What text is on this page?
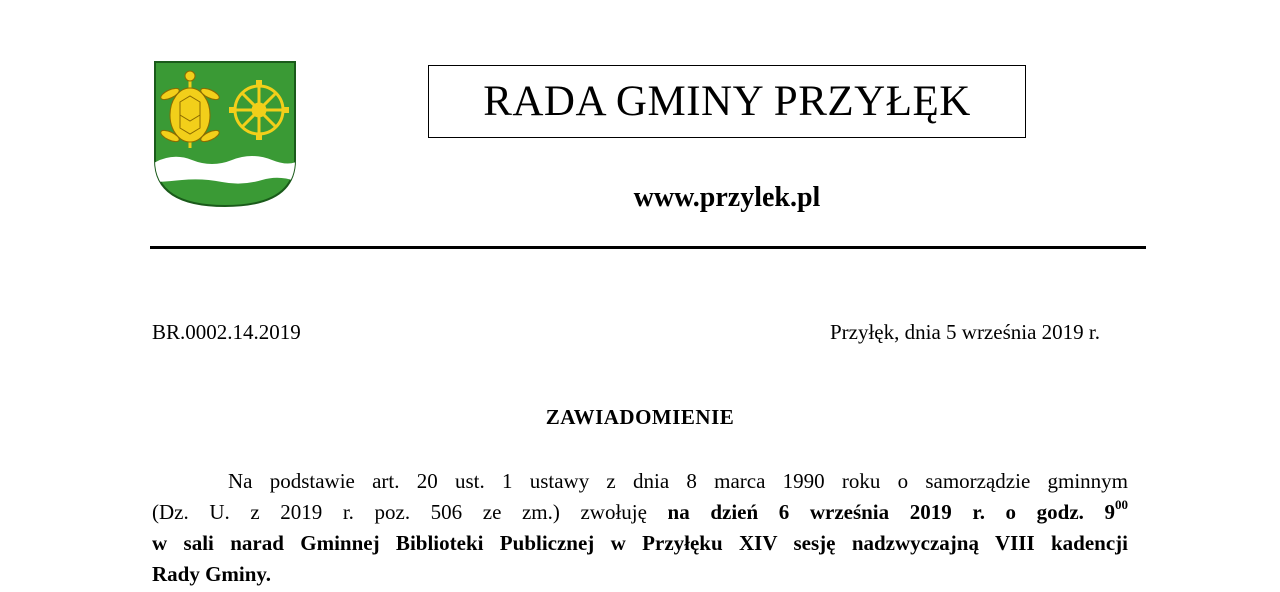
RADA GMINY PRZYŁĘK
www.przylek.pl
BR.0002.14.2019	Przyłęk, dnia 5 września 2019 r.
ZAWIADOMIENIE
Na podstawie art. 20 ust. 1 ustawy z dnia 8 marca 1990 roku o samorządzie gminnym
(Dz. U. z 2019 r. poz. 506 ze zm.) zwołuję na dzień 6 września 2019 r. o godz. $9^{00}$
w sali narad Gminnej Biblioteki Publicznej w Przyłęku XIV sesję nadzwyczajną VIII kadencji
Rady Gminy.
